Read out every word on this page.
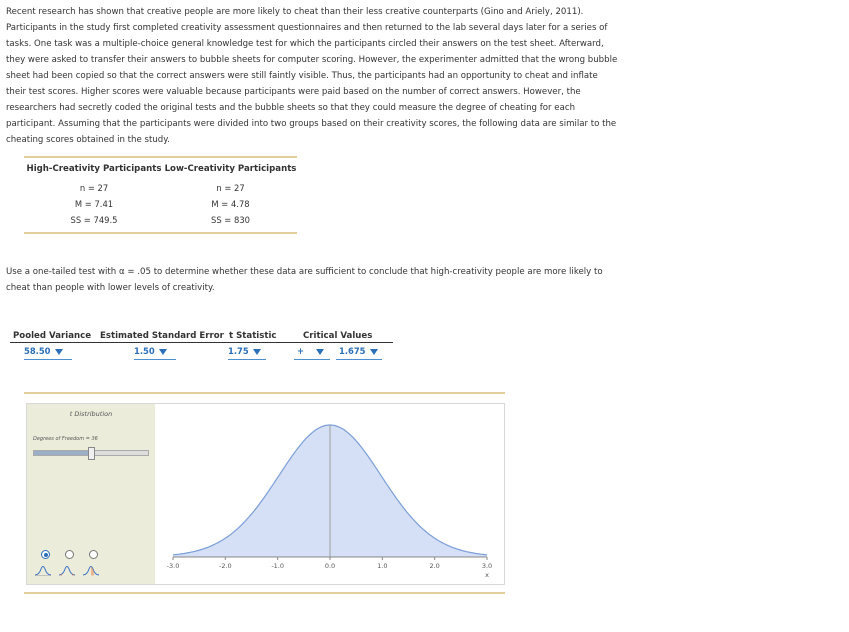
Recent research has shown that creative people are more likely to cheat than their less creative counterparts (Gino and Ariely, 2011). Participants in the study first completed creativity assessment questionnaires and then returned to the lab several days later for a series of tasks. One task was a multiple-choice general knowledge test for which the participants circled their answers on the test sheet. Afterward, they were asked to transfer their answers to bubble sheets for computer scoring. However, the experimenter admitted that the wrong bubble sheet had been copied so that the correct answers were still faintly visible. Thus, the participants had an opportunity to cheat and inflate their test scores. Higher scores were valuable because participants were paid based on the number of correct answers. However, the researchers had secretly coded the original tests and the bubble sheets so that they could measure the degree of cheating for each participant. Assuming that the participants were divided into two groups based on their creativity scores, the following data are similar to the cheating scores obtained in the study.
High-Creativity Participants Low-Creativity Participants
n = 27	n = 27
M = 7.41	M = 4.78
SS = 749.5	SS = 830
Use a one-tailed test with α = .05 to determine whether these data are sufficient to conclude that high-creativity people are more likely to cheat than people with lower levels of creativity.
Pooled Variance Estimated Standard Error t Statistic	Critical Values
58.50	1.50	1.75	+	1.675
t Distribution
Degrees of Freedom = 36
-3.0	-2.0	-1.0	0.0	1.0	2.0	3.0
x
